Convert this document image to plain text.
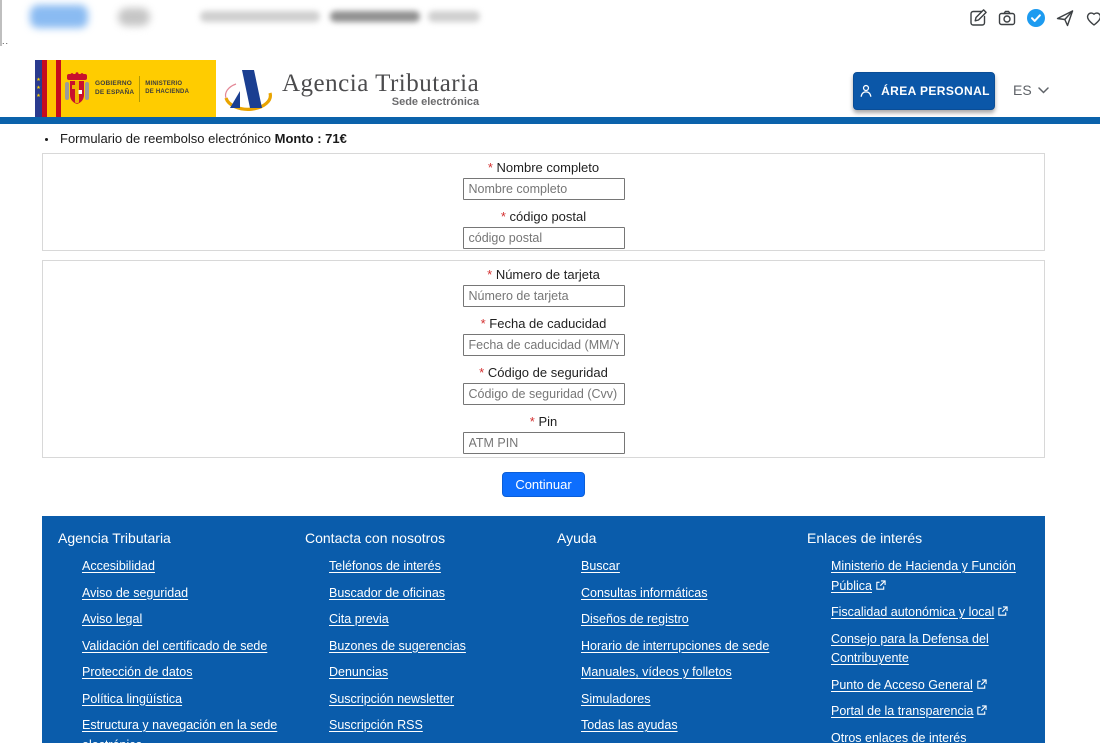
..
★
★
★
GOBIERNO
DE ESPAÑA
MINISTERIO
DE HACIENDA	Agencia Tributaria
Sede electrónica
ÁREA PERSONAL ES
• Formulario de reembolso electrónico Monto : 71€
* Nombre completo
Nombre completo
* código postal
código postal
* Número de tarjeta
Número de tarjeta
* Fecha de caducidad
Fecha de caducidad (MM/YY)
* Código de seguridad
Código de seguridad (Cvv)
* Pin
ATM PIN
Continuar
Agencia Tributaria
Accesibilidad
Aviso de seguridad
Aviso legal
Validación del certificado de sede
Protección de datos
Política lingüística
Estructura y navegación en la sede electrónica
Contacta con nosotros
Teléfonos de interés
Buscador de oficinas
Cita previa
Buzones de sugerencias
Denuncias
Suscripción newsletter
Suscripción RSS
Ayuda
Buscar
Consultas informáticas
Diseños de registro
Horario de interrupciones de sede
Manuales, vídeos y folletos
Simuladores
Todas las ayudas
Enlaces de interés
Ministerio de Hacienda y Función Pública
Fiscalidad autonómica y local
Consejo para la Defensa del Contribuyente
Punto de Acceso General
Portal de la transparencia
Otros enlaces de interés
